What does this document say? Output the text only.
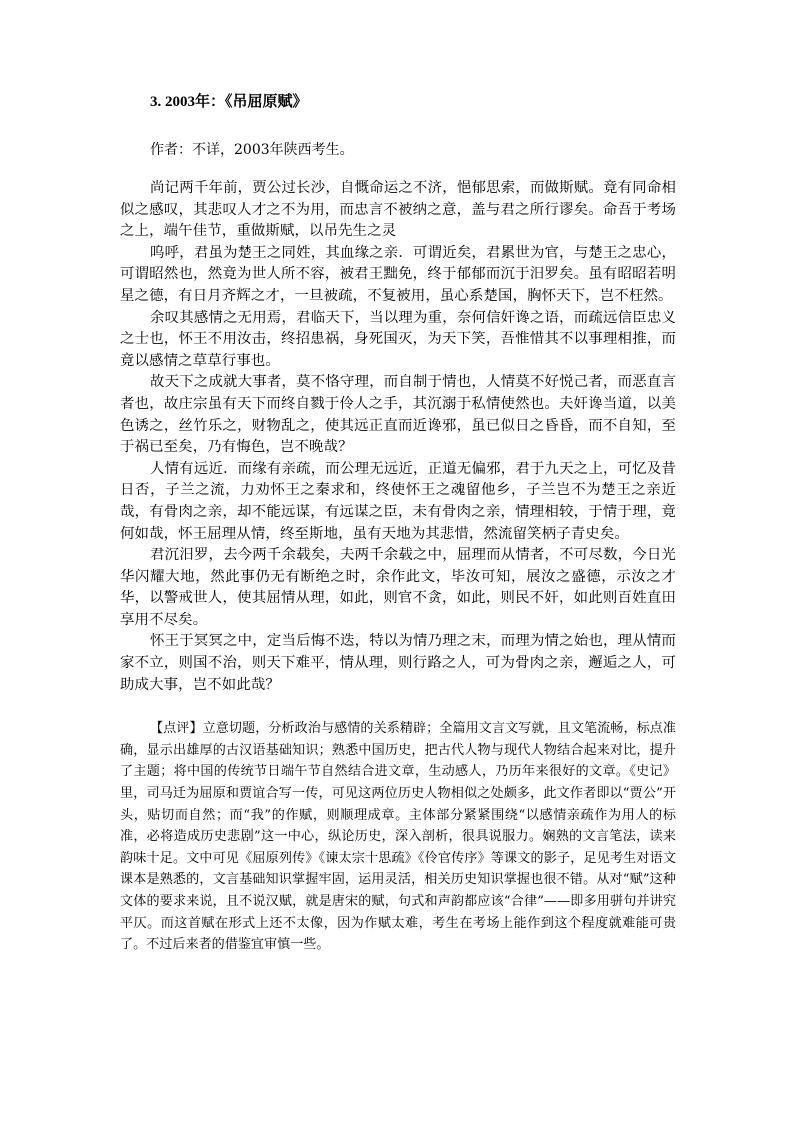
3. 2003年：《吊屈原赋》
作者：不详，2003年陕西考生。

尚记两千年前，贾公过长沙，自慨命运之不济，悒郁思索，而做斯赋。竟有同命相似之感叹，其悲叹人才之不为用，而忠言不被纳之意，盖与君之所行谬矣。命吾于考场之上，端午佳节，重做斯赋，以吊先生之灵

呜呼，君虽为楚王之同姓，其血缘之亲．可谓近矣，君累世为官，与楚王之忠心，可谓昭然也，然竟为世人所不容，被君王黜免，终于郁郁而沉于汨罗矣。虽有昭昭若明星之德，有日月齐辉之才，一旦被疏，不复被用，虽心系楚国，胸怀天下，岂不枉然。

余叹其感情之无用焉，君临天下，当以理为重，奈何信奸谗之语，而疏远信臣忠义之士也，怀王不用汝击，终招患祸，身死国灭，为天下笑，吾惟惜其不以事理相推，而竟以感情之草草行事也。

故天下之成就大事者，莫不恪守理，而自制于情也，人情莫不好悦己者，而恶直言者也，故庄宗虽有天下而终自戮于伶人之手，其沉溺于私情使然也。夫奸谗当道，以美色诱之，丝竹乐之，财物乱之，使其远正直而近谗邪，虽已似日之昏昏，而不自知，至于祸已至矣，乃有悔色，岂不晚哉？

人情有远近．而缘有亲疏，而公理无远近，正道无偏邪，君于九天之上，可忆及昔日否，子兰之流，力劝怀王之秦求和，终使怀王之魂留他乡，子兰岂不为楚王之亲近哉，有骨肉之亲，却不能远谋，有远谋之臣，未有骨肉之亲，情理相较，于情于理，竟何如哉，怀王屈理从情，终至斯地，虽有天地为其悲惜，然流留笑柄子青史矣。

君沉汨罗，去今两千余载矣，夫两千余载之中，屈理而从情者，不可尽数，今日光华闪耀大地，然此事仍无有断绝之时，余作此文，毕汝可知，展汝之盛德，示汝之才华，以警戒世人，使其屈情从理，如此，则官不贪，如此，则民不奸，如此则百姓直田享用不尽矣。

怀王于冥冥之中，定当后悔不迭，特以为情乃理之末，而理为情之始也，理从情而家不立，则国不治，则天下难平，情从理，则行路之人，可为骨肉之亲，邂逅之人，可助成大事，岂不如此哉？

【点评】立意切题，分析政治与感情的关系精辟；全篇用文言文写就，且文笔流畅，标点准确，显示出雄厚的古汉语基础知识；熟悉中国历史，把古代人物与现代人物结合起来对比，提升了主题；将中国的传统节日端午节自然结合进文章，生动感人，乃历年来很好的文章。《史记》里，司马迁为屈原和贾谊合写一传，可见这两位历史人物相似之处颇多，此文作者即以“贾公”开头，贴切而自然；而“我”的作赋，则顺理成章。主体部分紧紧围绕“以感情亲疏作为用人的标准，必将造成历史悲剧”这一中心，纵论历史，深入剖析，很具说服力。娴熟的文言笔法，读来韵味十足。文中可见《屈原列传》《谏太宗十思疏》《伶官传序》等课文的影子，足见考生对语文课本是熟悉的，文言基础知识掌握牢固，运用灵活，相关历史知识掌握也很不错。从对“赋”这种文体的要求来说，且不说汉赋，就是唐宋的赋，句式和声韵都应该“合律”——即多用骈句并讲究平仄。而这首赋在形式上还不太像，因为作赋太难，考生在考场上能作到这个程度就难能可贵了。不过后来者的借鉴宜审慎一些。
